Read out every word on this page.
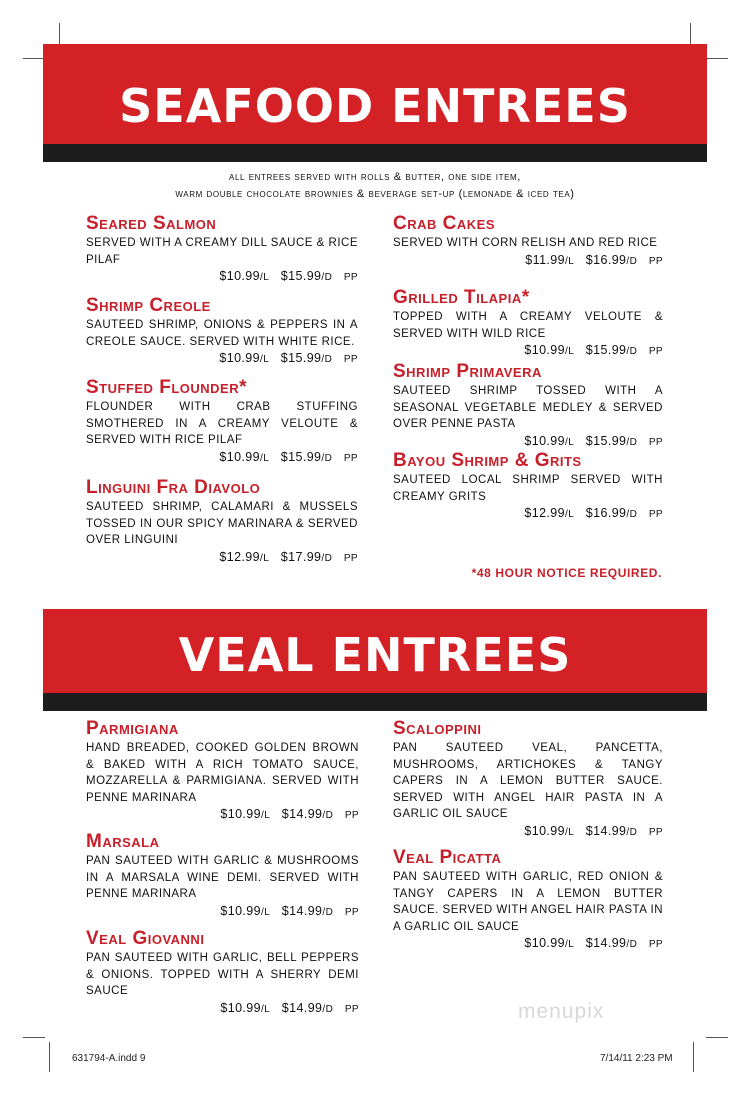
SEAFOOD ENTREES
all entrees served with rolls & butter, one side item,
warm double chocolate brownies & beverage set-up (lemonade & iced tea)

Seared Salmon

SERVED WITH A CREAMY DILL SAUCE & RICE PILAF

$10.99/L $15.99/D PP

Shrimp Creole

SAUTEED SHRIMP, ONIONS & PEPPERS IN A CREOLE SAUCE. SERVED WITH WHITE RICE.

$10.99/L $15.99/D PP

Stuffed Flounder*

FLOUNDER WITH CRAB STUFFING SMOTHERED IN A CREAMY VELOUTE & SERVED WITH RICE PILAF

$10.99/L $15.99/D PP

Linguini Fra Diavolo

SAUTEED SHRIMP, CALAMARI & MUSSELS TOSSED IN OUR SPICY MARINARA & SERVED OVER LINGUINI

$12.99/L $17.99/D PP

Crab Cakes

SERVED WITH CORN RELISH AND RED RICE

$11.99/L $16.99/D PP

Grilled Tilapia*

TOPPED WITH A CREAMY VELOUTE & SERVED WITH WILD RICE

$10.99/L $15.99/D PP

Shrimp Primavera

SAUTEED SHRIMP TOSSED WITH A SEASONAL VEGETABLE MEDLEY & SERVED OVER PENNE PASTA

$10.99/L $15.99/D PP

Bayou Shrimp & Grits

SAUTEED LOCAL SHRIMP SERVED WITH CREAMY GRITS

$12.99/L $16.99/D PP

*48 HOUR NOTICE REQUIRED.
VEAL ENTREES

Parmigiana

HAND BREADED, COOKED GOLDEN BROWN & BAKED WITH A RICH TOMATO SAUCE, MOZZARELLA & PARMIGIANA. SERVED WITH PENNE MARINARA

$10.99/L $14.99/D PP

Marsala

PAN SAUTEED WITH GARLIC & MUSHROOMS IN A MARSALA WINE DEMI. SERVED WITH PENNE MARINARA

$10.99/L $14.99/D PP

Veal Giovanni

PAN SAUTEED WITH GARLIC, BELL PEPPERS & ONIONS. TOPPED WITH A SHERRY DEMI SAUCE

$10.99/L $14.99/D PP

Scaloppini

PAN SAUTEED VEAL, PANCETTA, MUSHROOMS, ARTICHOKES & TANGY CAPERS IN A LEMON BUTTER SAUCE. SERVED WITH ANGEL HAIR PASTA IN A GARLIC OIL SAUCE

$10.99/L $14.99/D PP

Veal Picatta

PAN SAUTEED WITH GARLIC, RED ONION & TANGY CAPERS IN A LEMON BUTTER SAUCE. SERVED WITH ANGEL HAIR PASTA IN A GARLIC OIL SAUCE

$10.99/L $14.99/D PP

menupix
631794-A.indd 9	7/14/11 2:23 PM
